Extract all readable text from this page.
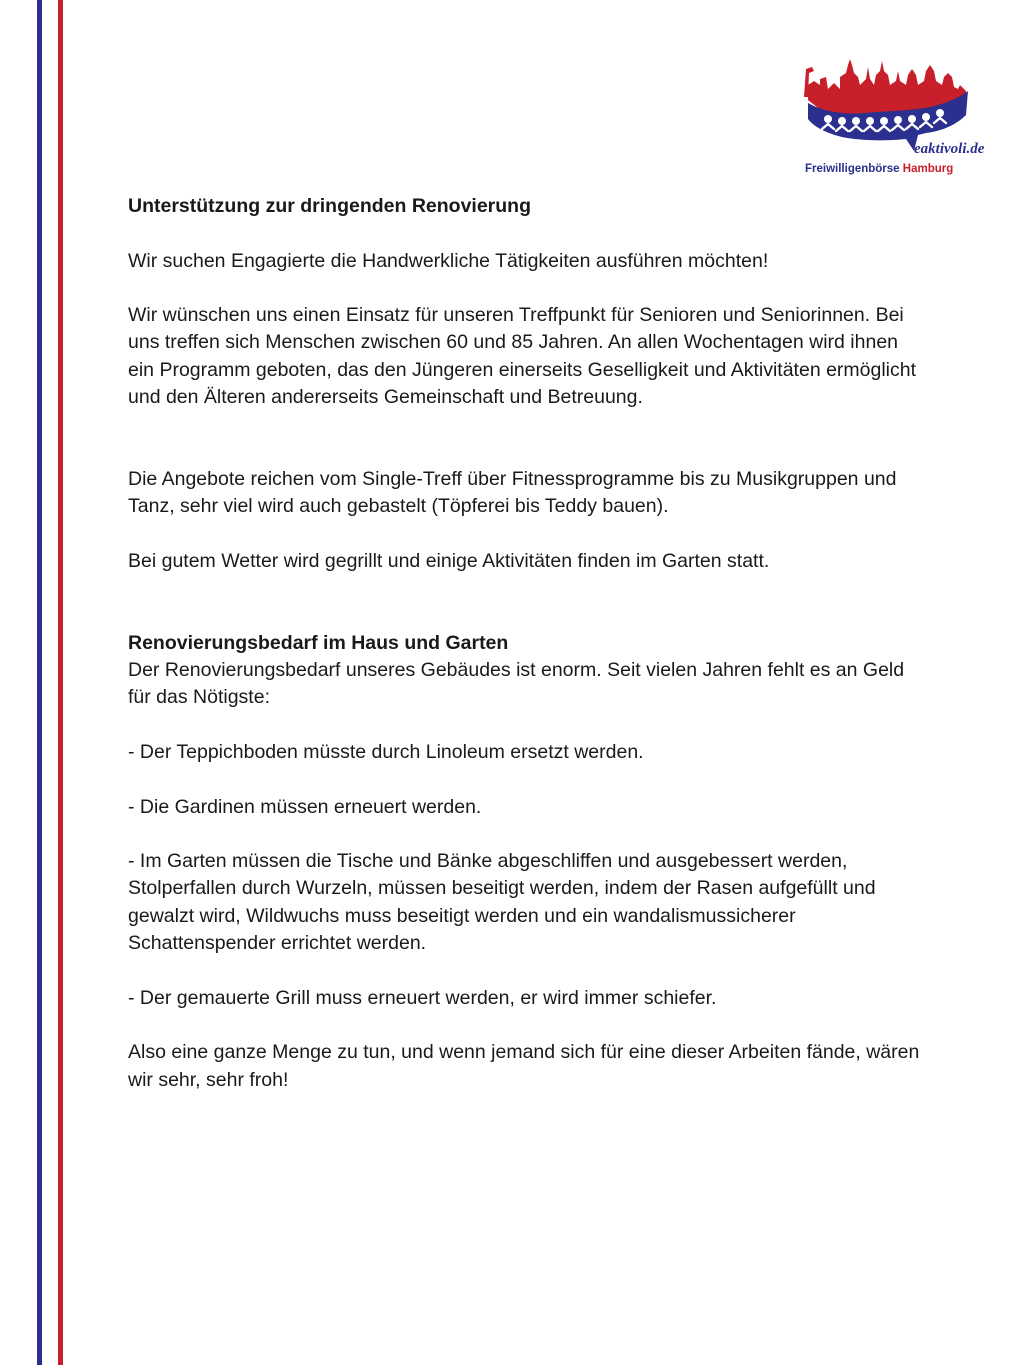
eaktivoli.de
Freiwilligenbörse Hamburg

Unterstützung zur dringenden Renovierung

Wir suchen Engagierte die Handwerkliche Tätigkeiten ausführen möchten!

Wir wünschen uns einen Einsatz für unseren Treffpunkt für Senioren und Seniorinnen. Bei uns treffen sich Menschen zwischen 60 und 85 Jahren. An allen Wochentagen wird ihnen ein Programm geboten, das den Jüngeren einerseits Geselligkeit und Aktivitäten ermöglicht und den Älteren andererseits Gemeinschaft und Betreuung.

Die Angebote reichen vom Single-Treff über Fitnessprogramme bis zu Musikgruppen und Tanz, sehr viel wird auch gebastelt (Töpferei bis Teddy bauen).

Bei gutem Wetter wird gegrillt und einige Aktivitäten finden im Garten statt.

Renovierungsbedarf im Haus und Garten

Der Renovierungsbedarf unseres Gebäudes ist enorm. Seit vielen Jahren fehlt es an Geld für das Nötigste:

- Der Teppichboden müsste durch Linoleum ersetzt werden.

- Die Gardinen müssen erneuert werden.

- Im Garten müssen die Tische und Bänke abgeschliffen und ausgebessert werden, Stolperfallen durch Wurzeln, müssen beseitigt werden, indem der Rasen aufgefüllt und gewalzt wird, Wildwuchs muss beseitigt werden und ein wandalismussicherer Schattenspender errichtet werden.

- Der gemauerte Grill muss erneuert werden, er wird immer schiefer.

Also eine ganze Menge zu tun, und wenn jemand sich für eine dieser Arbeiten fände, wären wir sehr, sehr froh!
